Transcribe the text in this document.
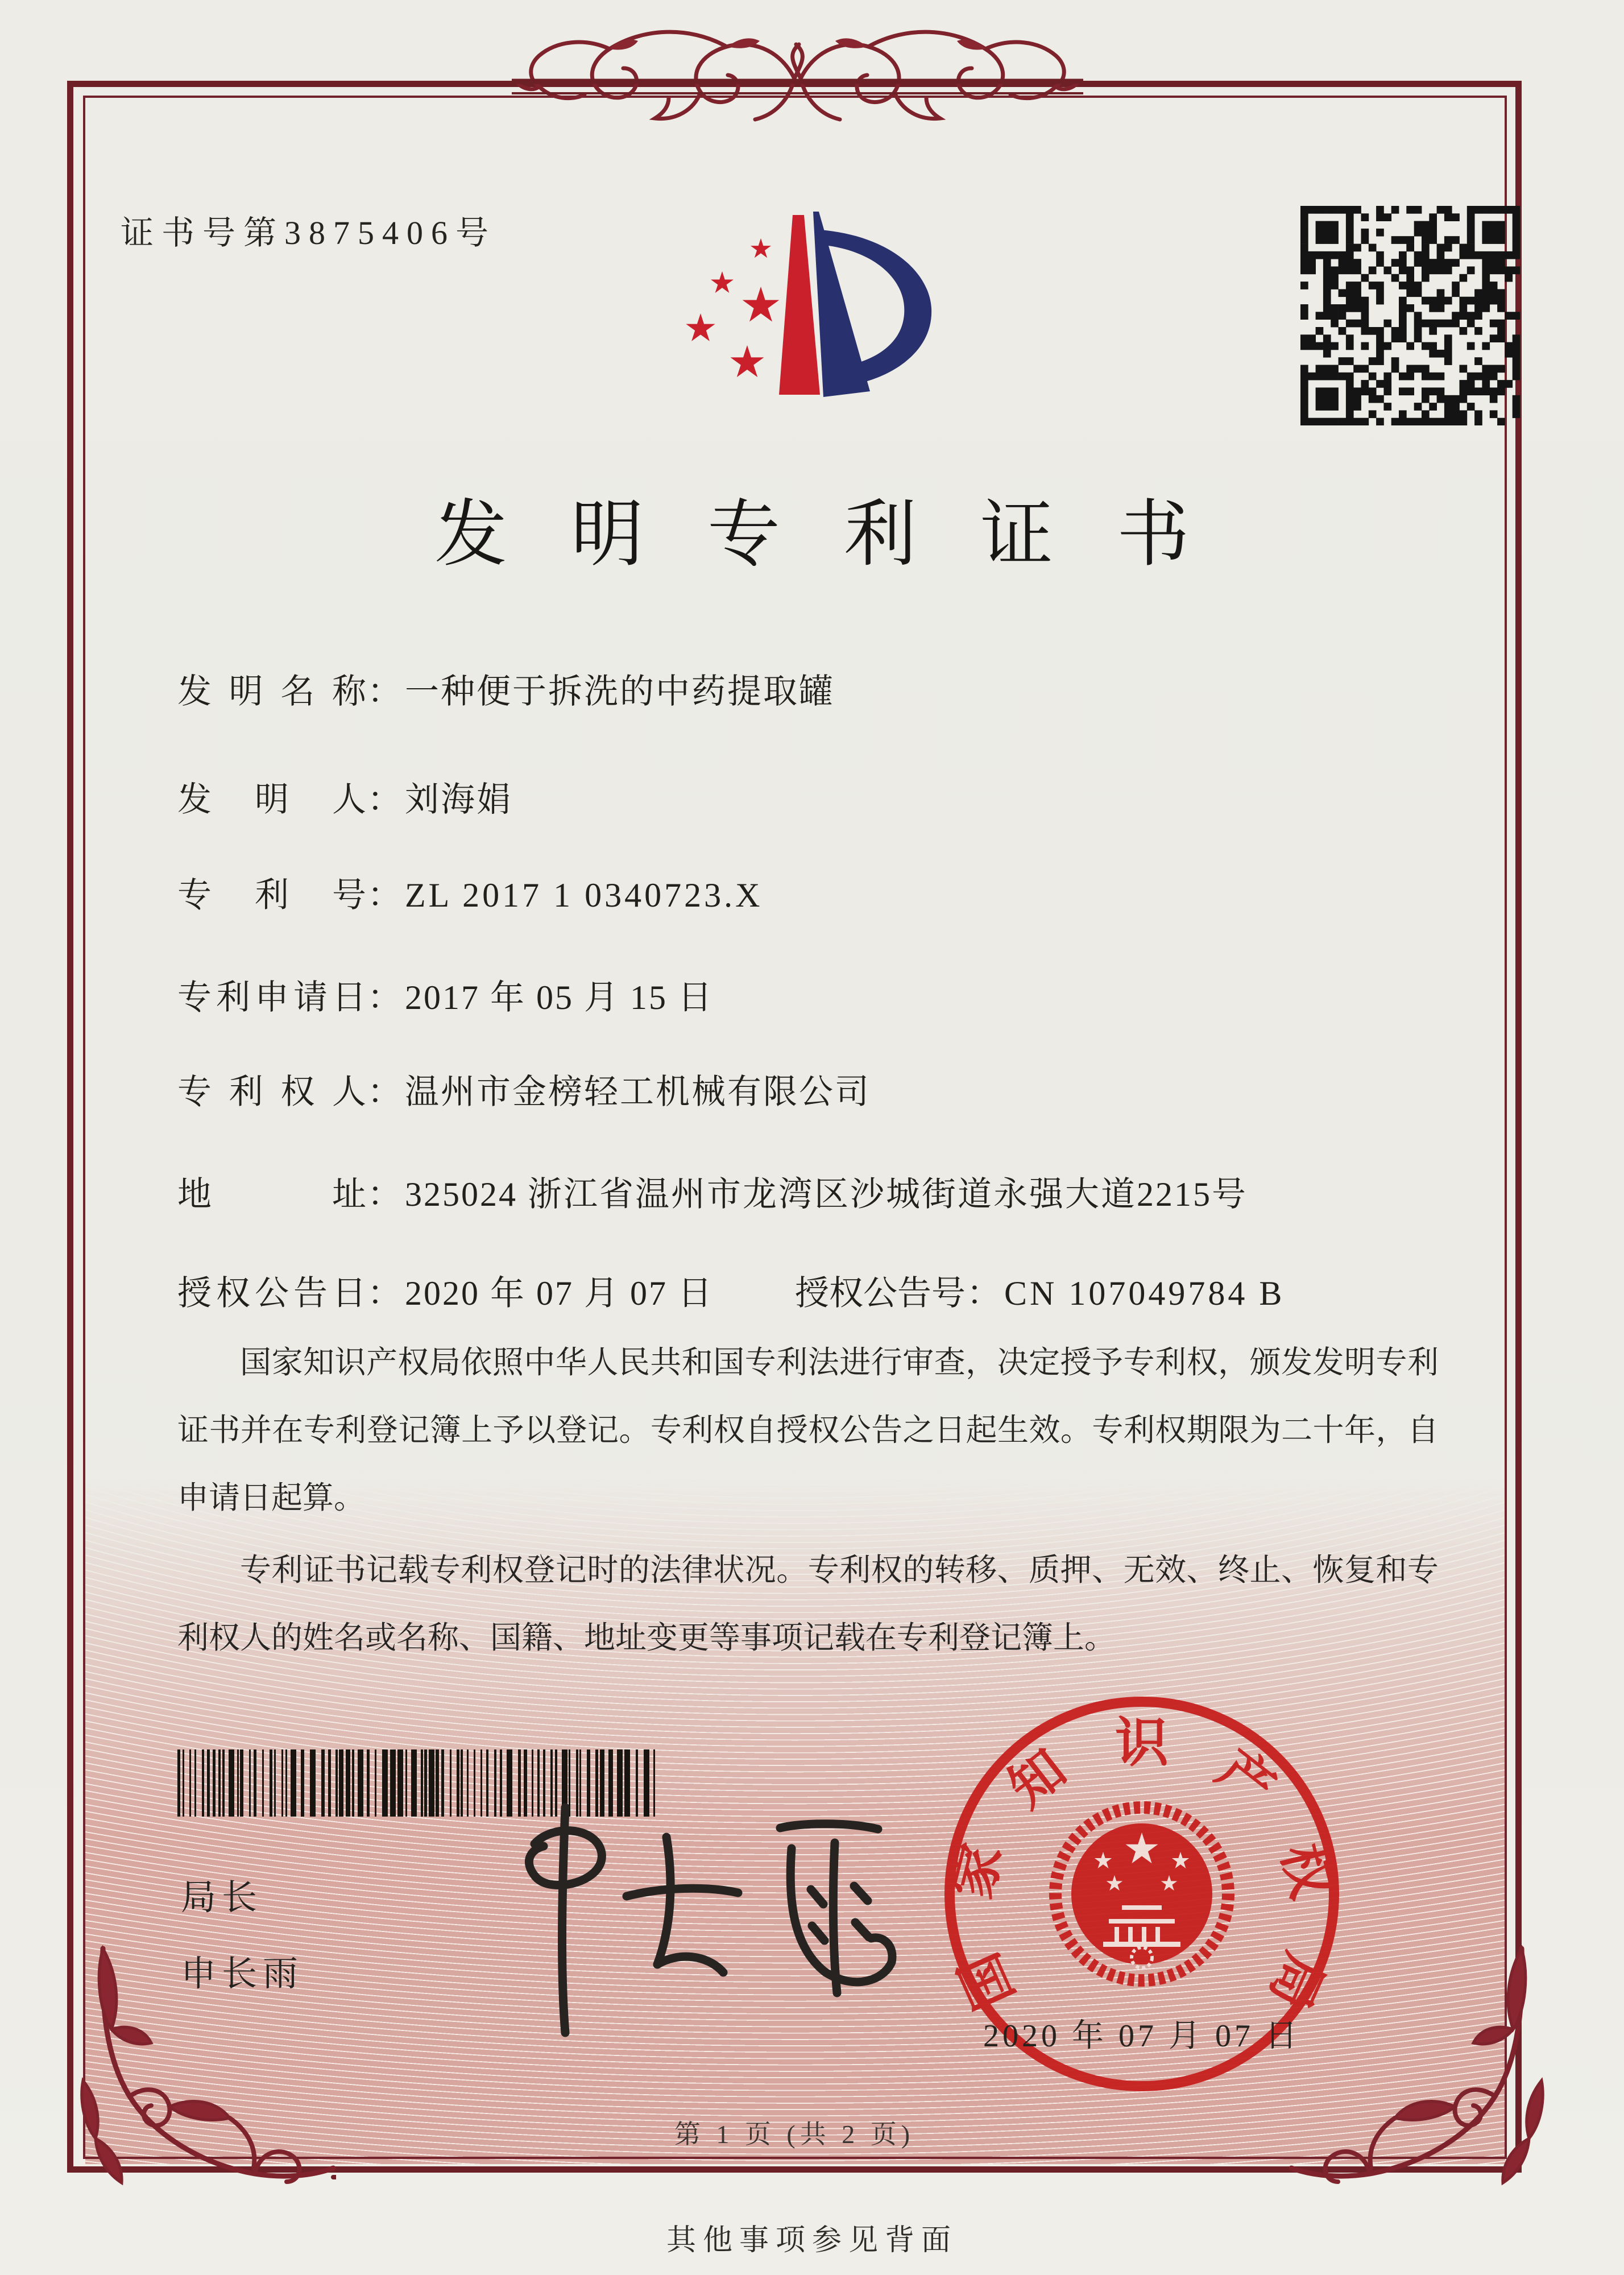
证书号第3875406号
发明专利证书
发明名称： 一种便于拆洗的中药提取罐
发明人： 刘海娟
专利号： ZL 2017 1 0340723.X
专利申请日： 2017 年 05 月 15 日
专利权人： 温州市金榜轻工机械有限公司
地址： 325024 浙江省温州市龙湾区沙城街道永强大道2215号
授权公告日： 2020 年 07 月 07 日 授权公告号： CN 107049784 B

国家知识产权局依照中华人民共和国专利法进行审查，决定授予专利权，颁发发明专利证书并在专利登记簿上予以登记。专利权自授权公告之日起生效。专利权期限为二十年，自申请日起算。

专利证书记载专利权登记时的法律状况。专利权的转移、质押、无效、终止、恢复和专利权人的姓名或名称、国籍、地址变更等事项记载在专利登记簿上。

局长
申长雨	国
家
知 识 产
权
局
2020 年 07 月 07 日
第 1 页 (共 2 页)
其他事项参见背面
